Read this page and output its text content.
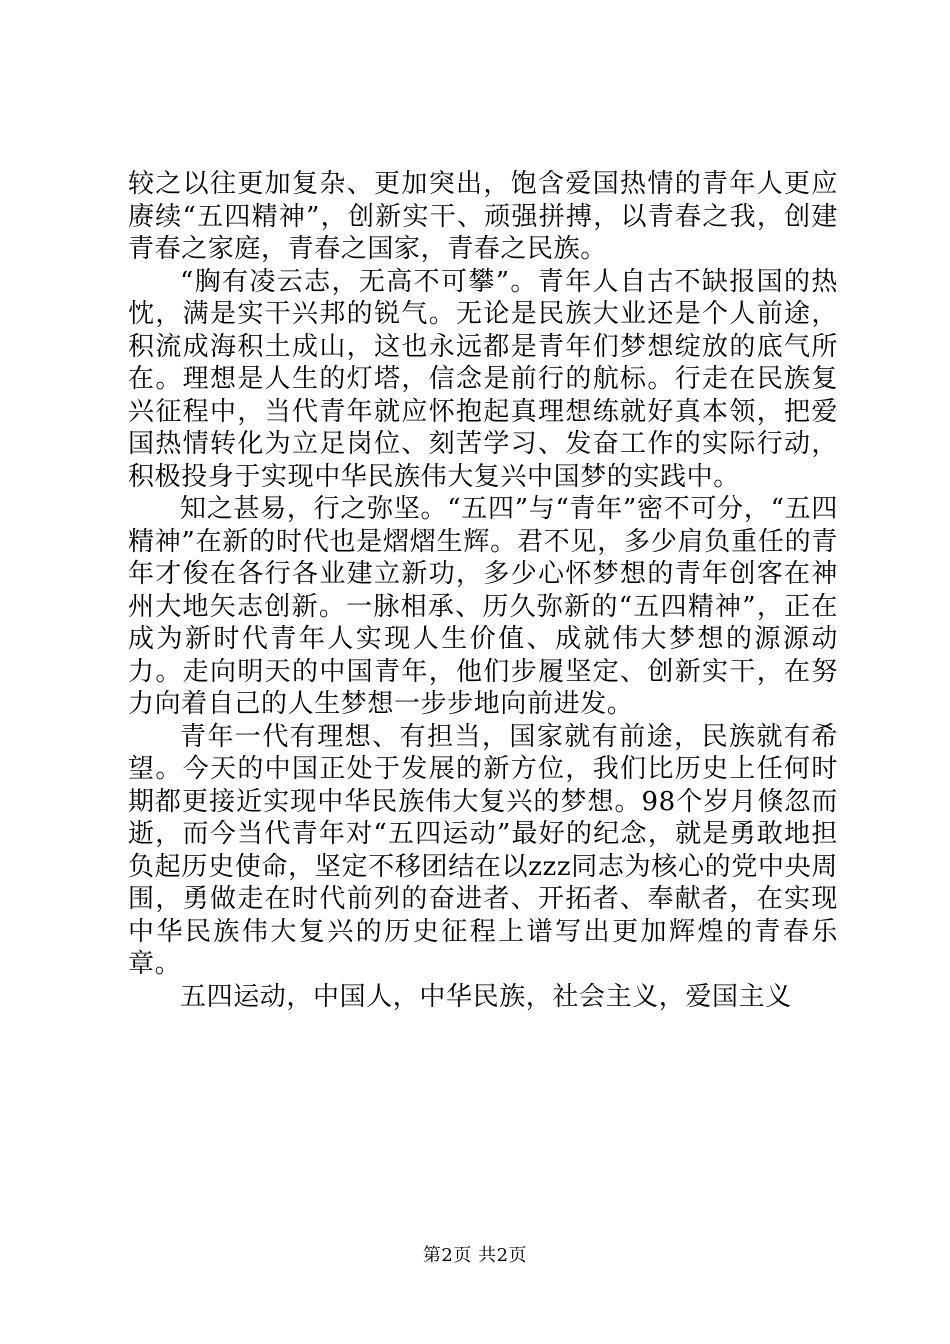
较之以往更加复杂、更加突出，饱含爱国热情的青年人更应赓续“五四精神”，创新实干、顽强拼搏，以青春之我，创建青春之家庭，青春之国家，青春之民族。

“胸有凌云志，无高不可攀”。青年人自古不缺报国的热忱，满是实干兴邦的锐气。无论是民族大业还是个人前途，积流成海积土成山，这也永远都是青年们梦想绽放的底气所在。理想是人生的灯塔，信念是前行的航标。行走在民族复兴征程中，当代青年就应怀抱起真理想练就好真本领，把爱国热情转化为立足岗位、刻苦学习、发奋工作的实际行动，积极投身于实现中华民族伟大复兴中国梦的实践中。

知之甚易，行之弥坚。“五四”与“青年”密不可分，“五四精神”在新的时代也是熠熠生辉。君不见，多少肩负重任的青年才俊在各行各业建立新功，多少心怀梦想的青年创客在神州大地矢志创新。一脉相承、历久弥新的“五四精神”，正在成为新时代青年人实现人生价值、成就伟大梦想的源源动力。走向明天的中国青年，他们步履坚定、创新实干，在努力向着自己的人生梦想一步步地向前进发。

青年一代有理想、有担当，国家就有前途，民族就有希望。今天的中国正处于发展的新方位，我们比历史上任何时期都更接近实现中华民族伟大复兴的梦想。98个岁月倏忽而逝，而今当代青年对“五四运动”最好的纪念，就是勇敢地担负起历史使命，坚定不移团结在以zzz同志为核心的党中央周围，勇做走在时代前列的奋进者、开拓者、奉献者，在实现中华民族伟大复兴的历史征程上谱写出更加辉煌的青春乐章。

五四运动，中国人，中华民族，社会主义，爱国主义

第2页 共2页
